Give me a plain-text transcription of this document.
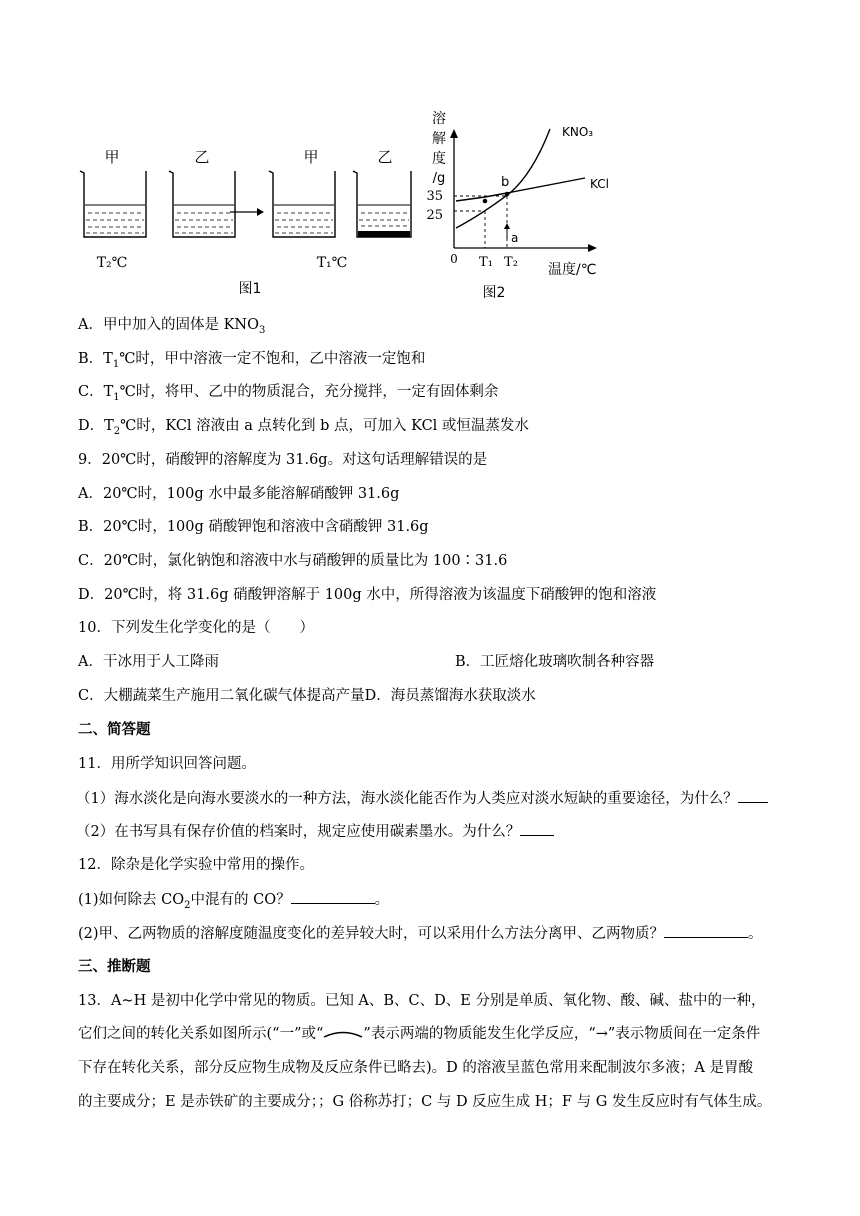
甲	乙	甲	乙
T₂℃	T₁℃
图1
溶
解
度
/g
35
25
0
b
a
KNO₃
KCl
T₁ T₂ 温度/℃
图2
A．甲中加入的固体是 $KNO_3$
B．$T_1℃$时，甲中溶液一定不饱和，乙中溶液一定饱和
C．$T_1℃$时，将甲、乙中的物质混合，充分搅拌，一定有固体剩余
D．$T_2℃$时，KCl 溶液由 a 点转化到 b 点，可加入 KCl 或恒温蒸发水
9．20℃时，硝酸钾的溶解度为 31.6g。对这句话理解错误的是
A．20℃时，100g 水中最多能溶解硝酸钾 31.6g
B．20℃时，100g 硝酸钾饱和溶液中含硝酸钾 31.6g
C．20℃时，氯化钠饱和溶液中水与硝酸钾的质量比为 100∶31.6
D．20℃时，将 31.6g 硝酸钾溶解于 100g 水中，所得溶液为该温度下硝酸钾的饱和溶液
10．下列发生化学变化的是（　　）
A．干冰用于人工降雨	B．工匠熔化玻璃吹制各种容器
C．大棚蔬菜生产施用二氧化碳气体提高产量D．海员蒸馏海水获取淡水
二、简答题
11．用所学知识回答问题。
（1）海水淡化是向海水要淡水的一种方法，海水淡化能否作为人类应对淡水短缺的重要途径，为什么？
（2）在书写具有保存价值的档案时，规定应使用碳素墨水。为什么？
12．除杂是化学实验中常用的操作。
(1)如何除去 $CO_2$中混有的 CO？	。
(2)甲、乙两物质的溶解度随温度变化的差异较大时，可以采用什么方法分离甲、乙两物质？	。
三、推断题
13．A~H 是初中化学中常见的物质。已知 A、B、C、D、E 分别是单质、氧化物、酸、碱、盐中的一种，
它们之间的转化关系如图所示(“一”或“	”表示两端的物质能发生化学反应，“→”表示物质间在一定条件
下存在转化关系，部分反应物生成物及反应条件已略去)。D 的溶液呈蓝色常用来配制波尔多液；A 是胃酸
的主要成分；E 是赤铁矿的主要成分；；G 俗称苏打；C 与 D 反应生成 H；F 与 G 发生反应时有气体生成。
